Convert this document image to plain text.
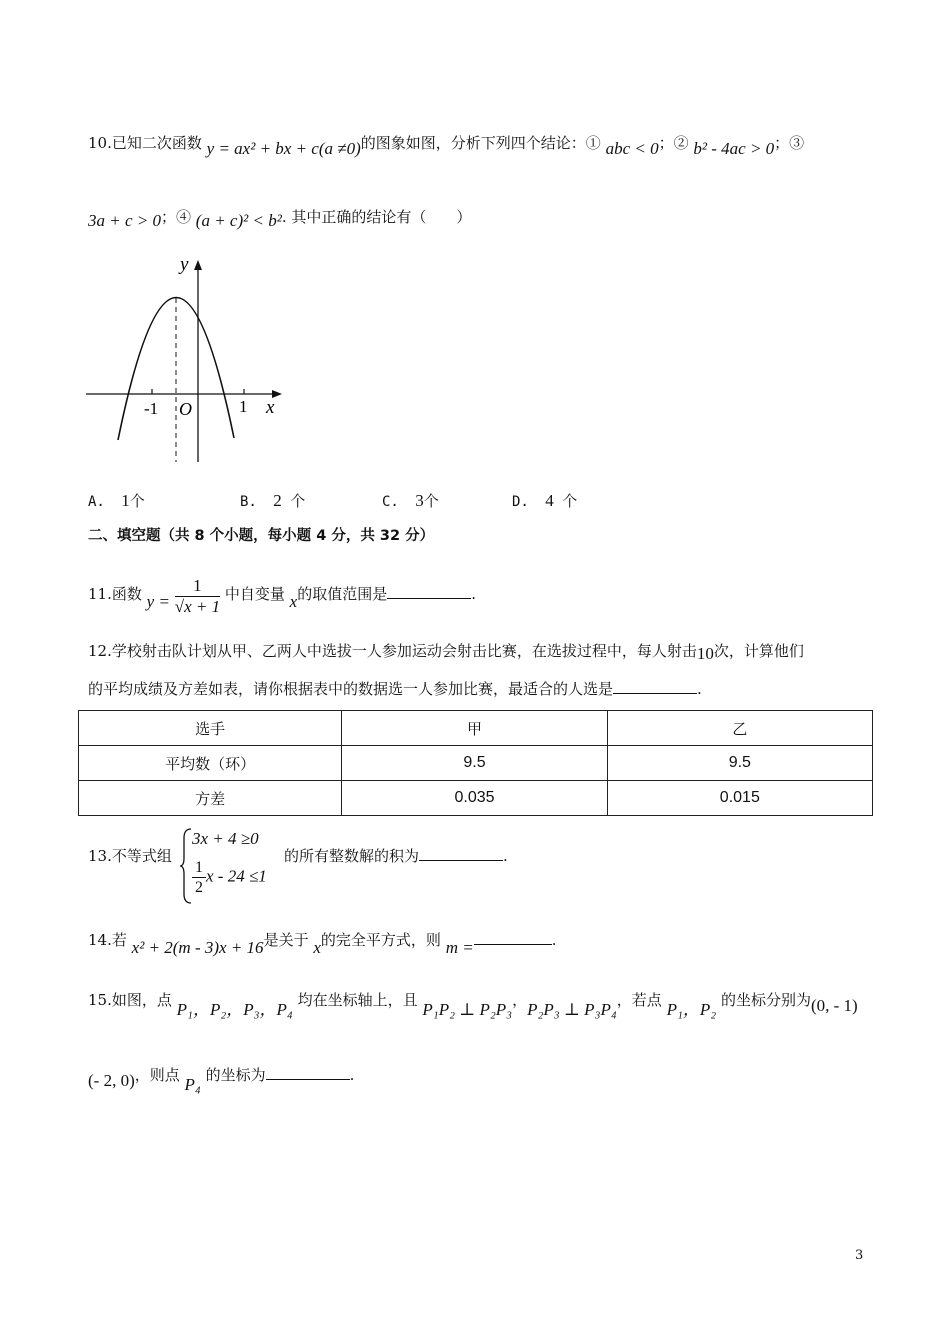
10.已知二次函数 y = ax² + bx + c(a ≠0)的图象如图，分析下列四个结论：① abc < 0；② b² - 4ac > 0；③
3a + c > 0；④ (a + c)² < b². 其中正确的结论有（　　）
y
x
O
-1	1
A. 1个	B. 2 个	C. 3个	D. 4 个
二、填空题（共 8 个小题，每小题 4 分，共 32 分）
11.函数 $y = \frac{1}{√x + 1}$ 中自变量 x的取值范围是	.
12.学校射击队计划从甲、乙两人中选拔一人参加运动会射击比赛，在选拔过程中，每人射击10次，计算他们
的平均成绩及方差如表，请你根据表中的数据选一人参加比赛，最适合的人选是	.
选手	甲	乙
平均数（环）	9.5	9.5
方差	0.035	0.015
13.不等式组
3x + 4 ≥0
$\frac{1}{2}$ x - 24 ≤1
的所有整数解的积为	.
14.若 x² + 2(m - 3)x + 16是关于 x的完全平方式，则 m =	.
15.如图，点 P₁，P₂，P₃，P₄ 均在坐标轴上，且 P₁P₂ ⊥ P₂P₃，P₂P₃ ⊥ P₃P₄，若点 P₁，P₂ 的坐标分别为(0, - 1)
(- 2, 0)，则点 P₄ 的坐标为	.
3
